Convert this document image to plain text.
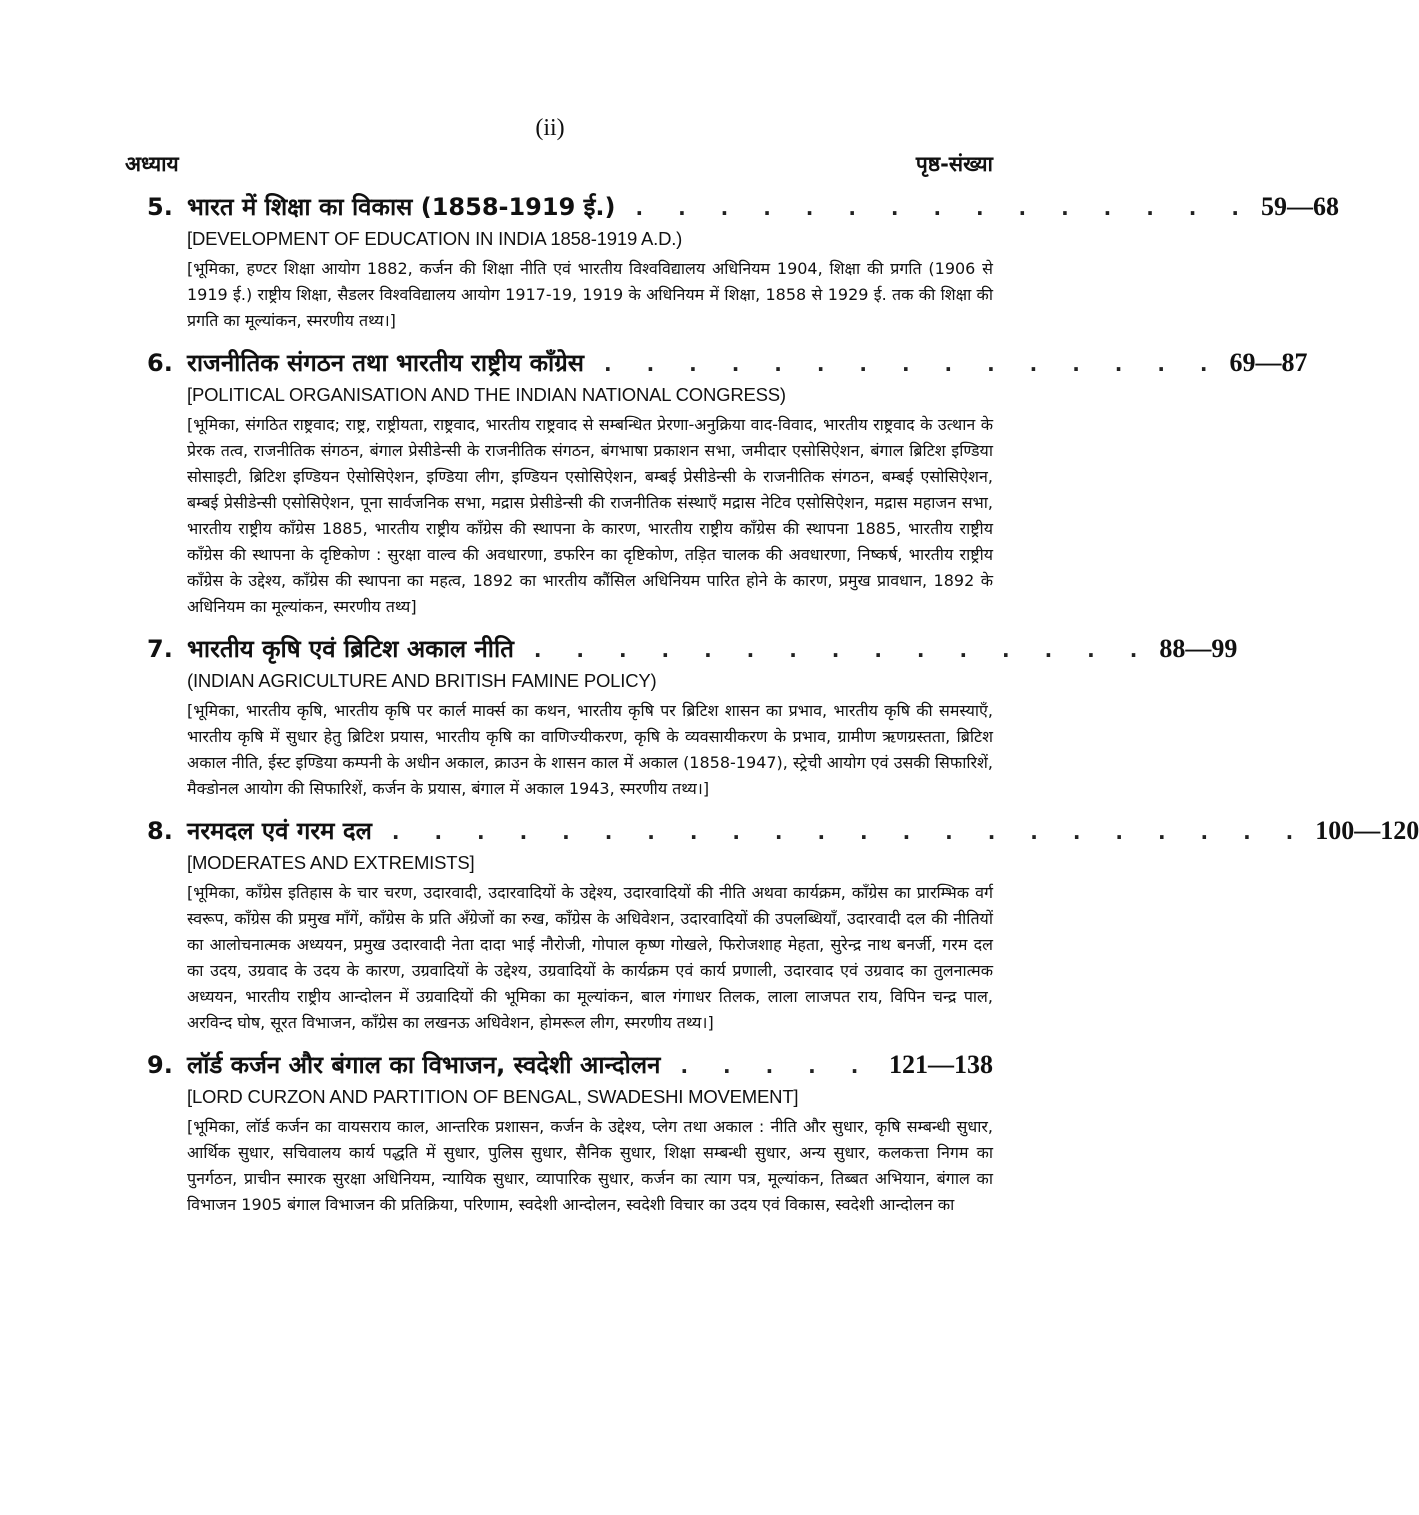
(ii)
अध्याय	पृष्ठ-संख्या
5. भारत में शिक्षा का विकास (1858-1919 ई.)	. . . . . . . . . . . . . . . 59—68
[DEVELOPMENT OF EDUCATION IN INDIA 1858-1919 A.D.)
[भूमिका, हण्टर शिक्षा आयोग 1882, कर्जन की शिक्षा नीति एवं भारतीय विश्वविद्यालय अधिनियम 1904, शिक्षा की प्रगति (1906 से 1919 ई.) राष्ट्रीय शिक्षा, सैडलर विश्वविद्यालय आयोग 1917-19, 1919 के अधिनियम में शिक्षा, 1858 से 1929 ई. तक की शिक्षा की प्रगति का मूल्यांकन, स्मरणीय तथ्य।]
6. राजनीतिक संगठन तथा भारतीय राष्ट्रीय काँग्रेस	. . . . . . . . . . . . . . . 69—87
[POLITICAL ORGANISATION AND THE INDIAN NATIONAL CONGRESS)
[भूमिका, संगठित राष्ट्रवाद; राष्ट्र, राष्ट्रीयता, राष्ट्रवाद, भारतीय राष्ट्रवाद से सम्बन्धित प्रेरणा-अनुक्रिया वाद-विवाद, भारतीय राष्ट्रवाद के उत्थान के प्रेरक तत्व, राजनीतिक संगठन, बंगाल प्रेसीडेन्सी के राजनीतिक संगठन, बंगभाषा प्रकाशन सभा, जमीदार एसोसिऐशन, बंगाल ब्रिटिश इण्डिया सोसाइटी, ब्रिटिश इण्डियन ऐसोसिऐशन, इण्डिया लीग, इण्डियन एसोसिऐशन, बम्बई प्रेसीडेन्सी के राजनीतिक संगठन, बम्बई एसोसिऐशन, बम्बई प्रेसीडेन्सी एसोसिऐशन, पूना सार्वजनिक सभा, मद्रास प्रेसीडेन्सी की राजनीतिक संस्थाएँ मद्रास नेटिव एसोसिऐशन, मद्रास महाजन सभा, भारतीय राष्ट्रीय काँग्रेस 1885, भारतीय राष्ट्रीय काँग्रेस की स्थापना के कारण, भारतीय राष्ट्रीय काँग्रेस की स्थापना 1885, भारतीय राष्ट्रीय काँग्रेस की स्थापना के दृष्टिकोण : सुरक्षा वाल्व की अवधारणा, डफरिन का दृष्टिकोण, तड़ित चालक की अवधारणा, निष्कर्ष, भारतीय राष्ट्रीय काँग्रेस के उद्देश्य, काँग्रेस की स्थापना का महत्व, 1892 का भारतीय कौंसिल अधिनियम पारित होने के कारण, प्रमुख प्रावधान, 1892 के अधिनियम का मूल्यांकन, स्मरणीय तथ्य]
7. भारतीय कृषि एवं ब्रिटिश अकाल नीति	. . . . . . . . . . . . . . . 88—99
(INDIAN AGRICULTURE AND BRITISH FAMINE POLICY)
[भूमिका, भारतीय कृषि, भारतीय कृषि पर कार्ल मार्क्स का कथन, भारतीय कृषि पर ब्रिटिश शासन का प्रभाव, भारतीय कृषि की समस्याएँ, भारतीय कृषि में सुधार हेतु ब्रिटिश प्रयास, भारतीय कृषि का वाणिज्यीकरण, कृषि के व्यवसायीकरण के प्रभाव, ग्रामीण ऋणग्रस्तता, ब्रिटिश अकाल नीति, ईस्ट इण्डिया कम्पनी के अधीन अकाल, क्राउन के शासन काल में अकाल (1858-1947), स्ट्रेची आयोग एवं उसकी सिफारिशें, मैक्डोनल आयोग की सिफारिशें, कर्जन के प्रयास, बंगाल में अकाल 1943, स्मरणीय तथ्य।]
8. नरमदल एवं गरम दल	. . . . . . . . . . . . . . . . . . . . . . 100—120
[MODERATES AND EXTREMISTS]
[भूमिका, काँग्रेस इतिहास के चार चरण, उदारवादी, उदारवादियों के उद्देश्य, उदारवादियों की नीति अथवा कार्यक्रम, काँग्रेस का प्रारम्भिक वर्ग स्वरूप, काँग्रेस की प्रमुख माँगें, काँग्रेस के प्रति अँग्रेजों का रुख, काँग्रेस के अधिवेशन, उदारवादियों की उपलब्धियाँ, उदारवादी दल की नीतियों का आलोचनात्मक अध्ययन, प्रमुख उदारवादी नेता दादा भाई नौरोजी, गोपाल कृष्ण गोखले, फिरोजशाह मेहता, सुरेन्द्र नाथ बनर्जी, गरम दल का उदय, उग्रवाद के उदय के कारण, उग्रवादियों के उद्देश्य, उग्रवादियों के कार्यक्रम एवं कार्य प्रणाली, उदारवाद एवं उग्रवाद का तुलनात्मक अध्ययन, भारतीय राष्ट्रीय आन्दोलन में उग्रवादियों की भूमिका का मूल्यांकन, बाल गंगाधर तिलक, लाला लाजपत राय, विपिन चन्द्र पाल, अरविन्द घोष, सूरत विभाजन, काँग्रेस का लखनऊ अधिवेशन, होमरूल लीग, स्मरणीय तथ्य।]
9. लॉर्ड कर्जन और बंगाल का विभाजन, स्वदेशी आन्दोलन	. . . . . 121—138
[LORD CURZON AND PARTITION OF BENGAL, SWADESHI MOVEMENT]
[भूमिका, लॉर्ड कर्जन का वायसराय काल, आन्तरिक प्रशासन, कर्जन के उद्देश्य, प्लेग तथा अकाल : नीति और सुधार, कृषि सम्बन्धी सुधार, आर्थिक सुधार, सचिवालय कार्य पद्धति में सुधार, पुलिस सुधार, सैनिक सुधार, शिक्षा सम्बन्धी सुधार, अन्य सुधार, कलकत्ता निगम का पुनर्गठन, प्राचीन स्मारक सुरक्षा अधिनियम, न्यायिक सुधार, व्यापारिक सुधार, कर्जन का त्याग पत्र, मूल्यांकन, तिब्बत अभियान, बंगाल का विभाजन 1905 बंगाल विभाजन की प्रतिक्रिया, परिणाम, स्वदेशी आन्दोलन, स्वदेशी विचार का उदय एवं विकास, स्वदेशी आन्दोलन का
